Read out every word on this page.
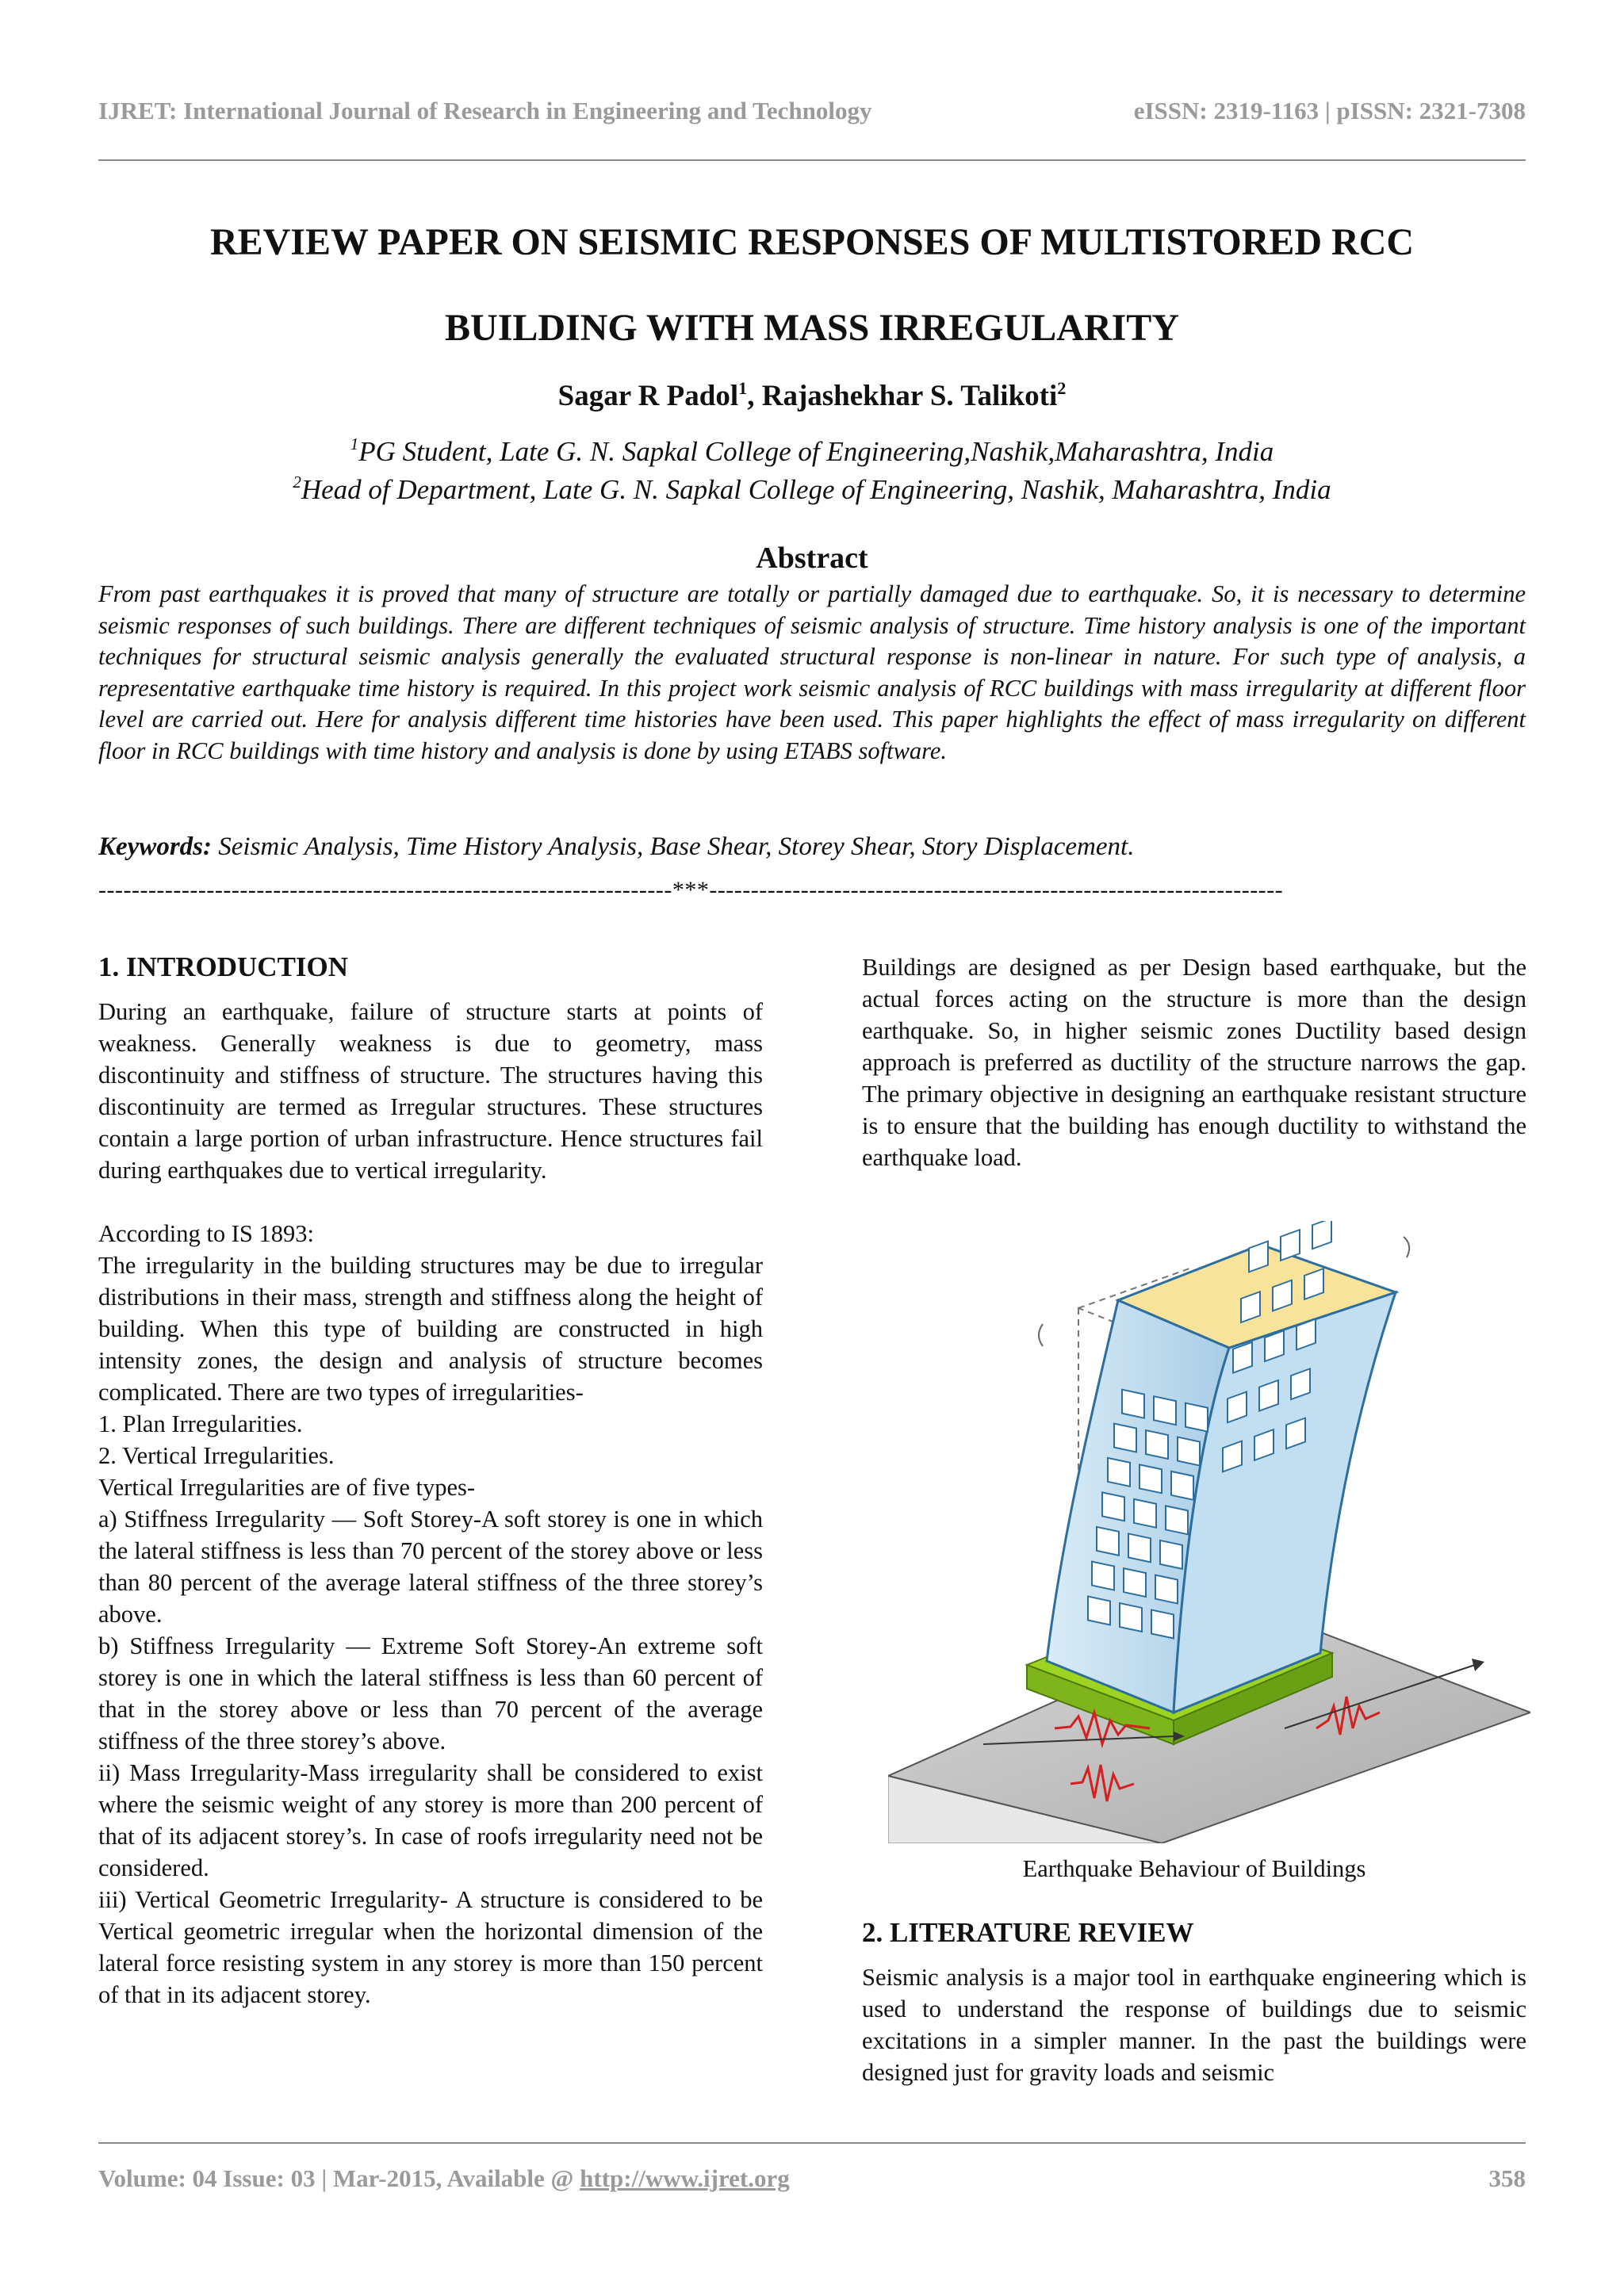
IJRET: International Journal of Research in Engineering and Technology	eISSN: 2319-1163 | pISSN: 2321-7308
REVIEW PAPER ON SEISMIC RESPONSES OF MULTISTORED RCC
BUILDING WITH MASS IRREGULARITY
Sagar R Padol$^1$, Rajashekhar S. Talikoti$^2$
$^1$PG Student, Late G. N. Sapkal College of Engineering,Nashik,Maharashtra, India
$^2$Head of Department, Late G. N. Sapkal College of Engineering, Nashik, Maharashtra, India
Abstract
From past earthquakes it is proved that many of structure are totally or partially damaged due to earthquake. So, it is necessary to determine seismic responses of such buildings. There are different techniques of seismic analysis of structure. Time history analysis is one of the important techniques for structural seismic analysis generally the evaluated structural response is non-linear in nature. For such type of analysis, a representative earthquake time history is required. In this project work seismic analysis of RCC buildings with mass irregularity at different floor level are carried out. Here for analysis different time histories have been used. This paper highlights the effect of mass irregularity on different floor in RCC buildings with time history and analysis is done by using ETABS software.
Keywords: Seismic Analysis, Time History Analysis, Base Shear, Storey Shear, Story Displacement.
---------------------------------------------------------------------***---------------------------------------------------------------------
1. INTRODUCTION

During an earthquake, failure of structure starts at points of weakness. Generally weakness is due to geometry, mass discontinuity and stiffness of structure. The structures having this discontinuity are termed as Irregular structures. These structures contain a large portion of urban infrastructure. Hence structures fail during earthquakes due to vertical irregularity.

According to IS 1893:

The irregularity in the building structures may be due to irregular distributions in their mass, strength and stiffness along the height of building. When this type of building are constructed in high intensity zones, the design and analysis of structure becomes complicated. There are two types of irregularities-

1. Plan Irregularities.

2. Vertical Irregularities.

Vertical Irregularities are of five types-

a) Stiffness Irregularity — Soft Storey-A soft storey is one in which the lateral stiffness is less than 70 percent of the storey above or less than 80 percent of the average lateral stiffness of the three storey’s above.

b) Stiffness Irregularity — Extreme Soft Storey-An extreme soft storey is one in which the lateral stiffness is less than 60 percent of that in the storey above or less than 70 percent of the average stiffness of the three storey’s above.

ii) Mass Irregularity-Mass irregularity shall be considered to exist where the seismic weight of any storey is more than 200 percent of that of its adjacent storey’s. In case of roofs irregularity need not be considered.

iii) Vertical Geometric Irregularity- A structure is considered to be Vertical geometric irregular when the horizontal dimension of the lateral force resisting system in any storey is more than 150 percent of that in its adjacent storey.

Buildings are designed as per Design based earthquake, but the actual forces acting on the structure is more than the design earthquake. So, in higher seismic zones Ductility based design approach is preferred as ductility of the structure narrows the gap. The primary objective in designing an earthquake resistant structure is to ensure that the building has enough ductility to withstand the earthquake load.

Earthquake Behaviour of Buildings
2. LITERATURE REVIEW

Seismic analysis is a major tool in earthquake engineering which is used to understand the response of buildings due to seismic excitations in a simpler manner. In the past the buildings were designed just for gravity loads and seismic

Volume: 04 Issue: 03 | Mar-2015, Available @ http://www.ijret.org	358
